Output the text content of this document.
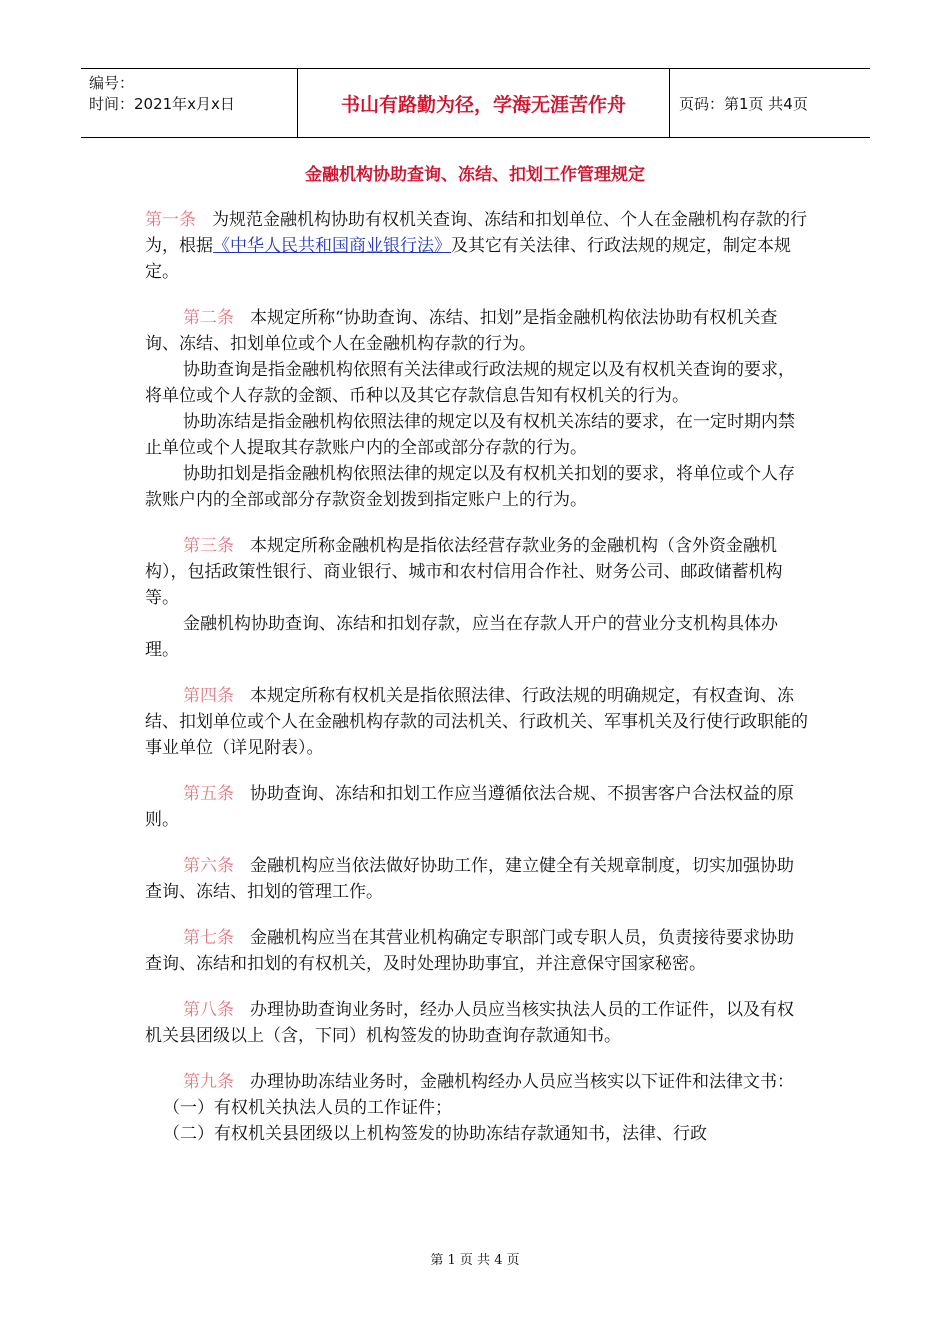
编号：
时间：2021年x月x日	书山有路勤为径，学海无涯苦作舟	页码：第1页 共4页
金融机构协助查询、冻结、扣划工作管理规定

第一条 为规范金融机构协助有权机关查询、冻结和扣划单位、个人在金融机构存款的行为，根据《中华人民共和国商业银行法》及其它有关法律、行政法规的规定，制定本规定。

第二条 本规定所称“协助查询、冻结、扣划”是指金融机构依法协助有权机关查询、冻结、扣划单位或个人在金融机构存款的行为。

协助查询是指金融机构依照有关法律或行政法规的规定以及有权机关查询的要求，将单位或个人存款的金额、币种以及其它存款信息告知有权机关的行为。

协助冻结是指金融机构依照法律的规定以及有权机关冻结的要求，在一定时期内禁止单位或个人提取其存款账户内的全部或部分存款的行为。

协助扣划是指金融机构依照法律的规定以及有权机关扣划的要求，将单位或个人存款账户内的全部或部分存款资金划拨到指定账户上的行为。

第三条 本规定所称金融机构是指依法经营存款业务的金融机构（含外资金融机构），包括政策性银行、商业银行、城市和农村信用合作社、财务公司、邮政储蓄机构等。

金融机构协助查询、冻结和扣划存款，应当在存款人开户的营业分支机构具体办理。

第四条 本规定所称有权机关是指依照法律、行政法规的明确规定，有权查询、冻结、扣划单位或个人在金融机构存款的司法机关、行政机关、军事机关及行使行政职能的事业单位（详见附表）。

第五条 协助查询、冻结和扣划工作应当遵循依法合规、不损害客户合法权益的原则。

第六条 金融机构应当依法做好协助工作，建立健全有关规章制度，切实加强协助查询、冻结、扣划的管理工作。

第七条 金融机构应当在其营业机构确定专职部门或专职人员，负责接待要求协助查询、冻结和扣划的有权机关，及时处理协助事宜，并注意保守国家秘密。

第八条 办理协助查询业务时，经办人员应当核实执法人员的工作证件，以及有权机关县团级以上（含，下同）机构签发的协助查询存款通知书。

第九条 办理协助冻结业务时，金融机构经办人员应当核实以下证件和法律文书：

（一）有权机关执法人员的工作证件；

（二）有权机关县团级以上机构签发的协助冻结存款通知书，法律、行政

第 1 页 共 4 页
